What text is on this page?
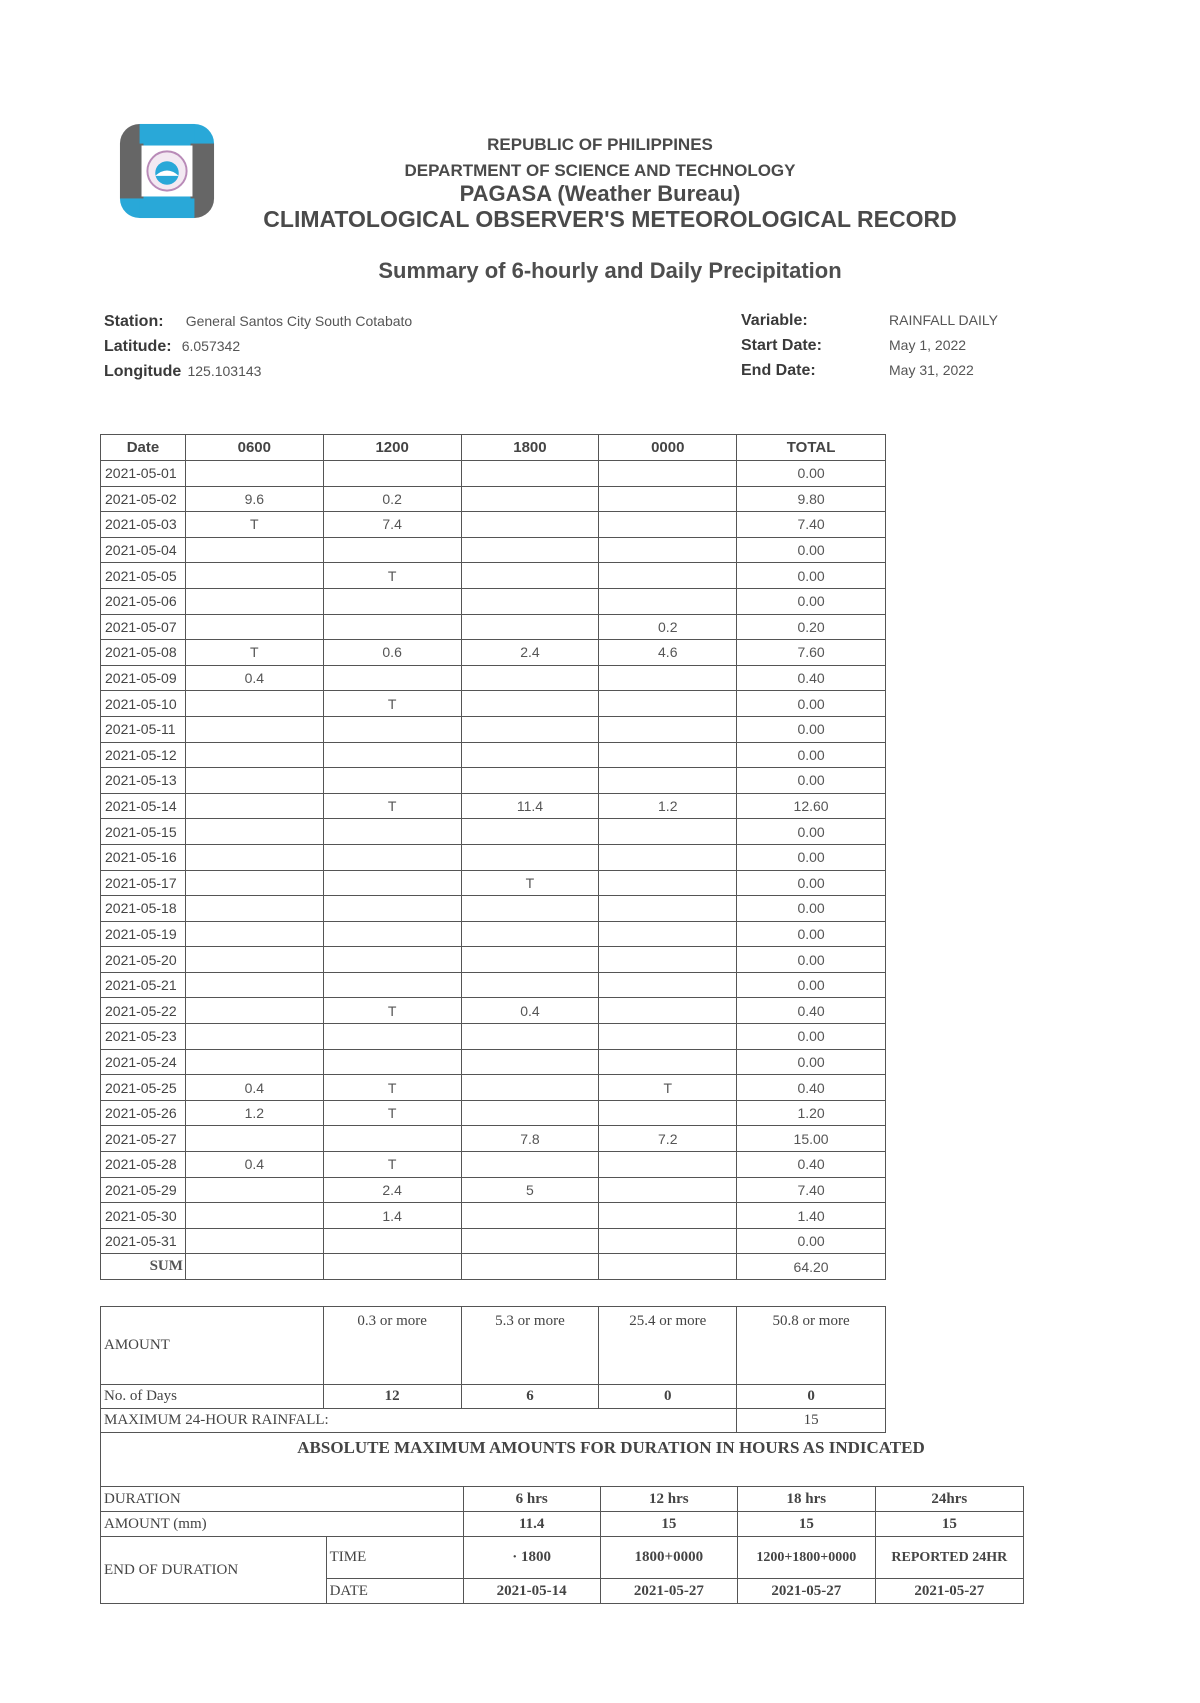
REPUBLIC OF PHILIPPINES
DEPARTMENT OF SCIENCE AND TECHNOLOGY
PAGASA (Weather Bureau)
CLIMATOLOGICAL OBSERVER'S METEOROLOGICAL RECORD
Summary of 6-hourly and Daily Precipitation
Station: General Santos City South Cotabato
Latitude: 6.057342
Longitude 125.103143
Variable:	RAINFALL DAILY
Start Date:	May 1, 2022
End Date:	May 31, 2022
Date	0600	1200	1800	0000	TOTAL
2021-05-01					0.00
2021-05-02	9.6	0.2			9.80
2021-05-03	T	7.4			7.40
2021-05-04					0.00
2021-05-05		T			0.00
2021-05-06					0.00
2021-05-07				0.2	0.20
2021-05-08	T	0.6	2.4	4.6	7.60
2021-05-09	0.4				0.40
2021-05-10		T			0.00
2021-05-11					0.00
2021-05-12					0.00
2021-05-13					0.00
2021-05-14		T	11.4	1.2	12.60
2021-05-15					0.00
2021-05-16					0.00
2021-05-17			T		0.00
2021-05-18					0.00
2021-05-19					0.00
2021-05-20					0.00
2021-05-21					0.00
2021-05-22		T	0.4		0.40
2021-05-23					0.00
2021-05-24					0.00
2021-05-25	0.4	T		T	0.40
2021-05-26	1.2	T			1.20
2021-05-27			7.8	7.2	15.00
2021-05-28	0.4	T			0.40
2021-05-29		2.4	5		7.40
2021-05-30		1.4			1.40
2021-05-31					0.00
SUM					64.20
AMOUNT	0.3 or more	5.3 or more	25.4 or more	50.8 or more
No. of Days	12	6	0	0
MAXIMUM 24-HOUR RAINFALL:				15
ABSOLUTE MAXIMUM AMOUNTS FOR DURATION IN HOURS AS INDICATED
DURATION		6 hrs	12 hrs	18 hrs	24hrs
AMOUNT (mm)		11.4	15	15	15
END OF DURATION	TIME	· 1800	1800+0000	1200+1800+0000	REPORTED 24HR
	DATE	2021-05-14	2021-05-27	2021-05-27	2021-05-27
